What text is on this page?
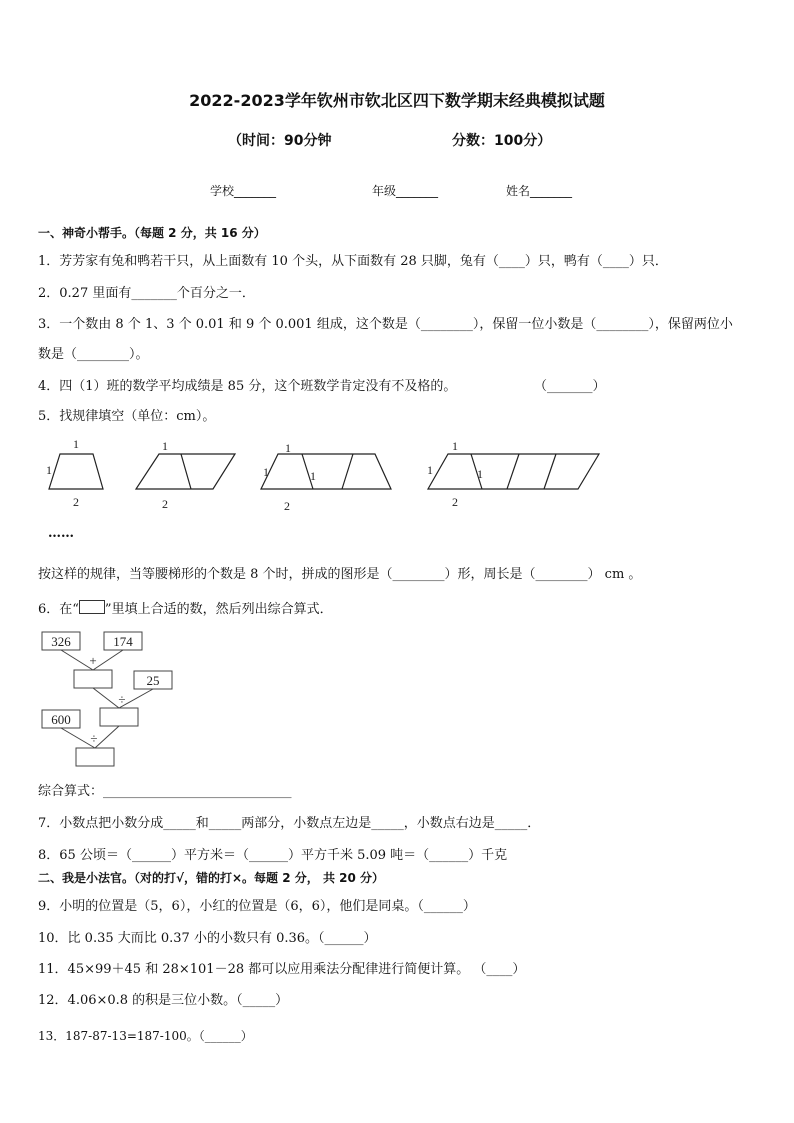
2022-2023学年钦州市钦北区四下数学期末经典模拟试题
（时间：90分钟	分数：100分）
学校_______	年级_______	姓名_______
一、神奇小帮手。（每题 2 分，共 16 分）
1．芳芳家有兔和鸭若干只，从上面数有 10 个头，从下面数有 28 只脚，兔有（____）只，鸭有（____）只．
2．0.27 里面有_______个百分之一．
3．一个数由 8 个 1、3 个 0.01 和 9 个 0.001 组成，这个数是（________），保留一位小数是（________），保留两位小
数是（________）。
4．四（1）班的数学平均成绩是 85 分，这个班数学肯定没有不及格的。	（_______）
5．找规律填空（单位：cm）。
1
1
2
1
2
1
1	1
2
1
1	1
2
……
按这样的规律，当等腰梯形的个数是 8 个时，拼成的图形是（________）形，周长是（________） cm 。
6．在“ ”里填上合适的数，然后列出综合算式．
326	174
+
25
÷
600
÷
综合算式：_____________________________
7．小数点把小数分成_____和_____两部分，小数点左边是_____，小数点右边是_____．
8．65 公顷＝（______）平方米＝（______）平方千米 5.09 吨＝（______）千克
二、我是小法官。（对的打√，错的打×。每题 2 分， 共 20 分）
9．小明的位置是（5，6），小红的位置是（6，6），他们是同桌。（______）
10．比 0.35 大而比 0.37 小的小数只有 0.36。（______）
11．45×99＋45 和 28×101－28 都可以应用乘法分配律进行简便计算。 （____）
12．4.06×0.8 的积是三位小数。（_____）
13．187-87-13=187-100。（______）
